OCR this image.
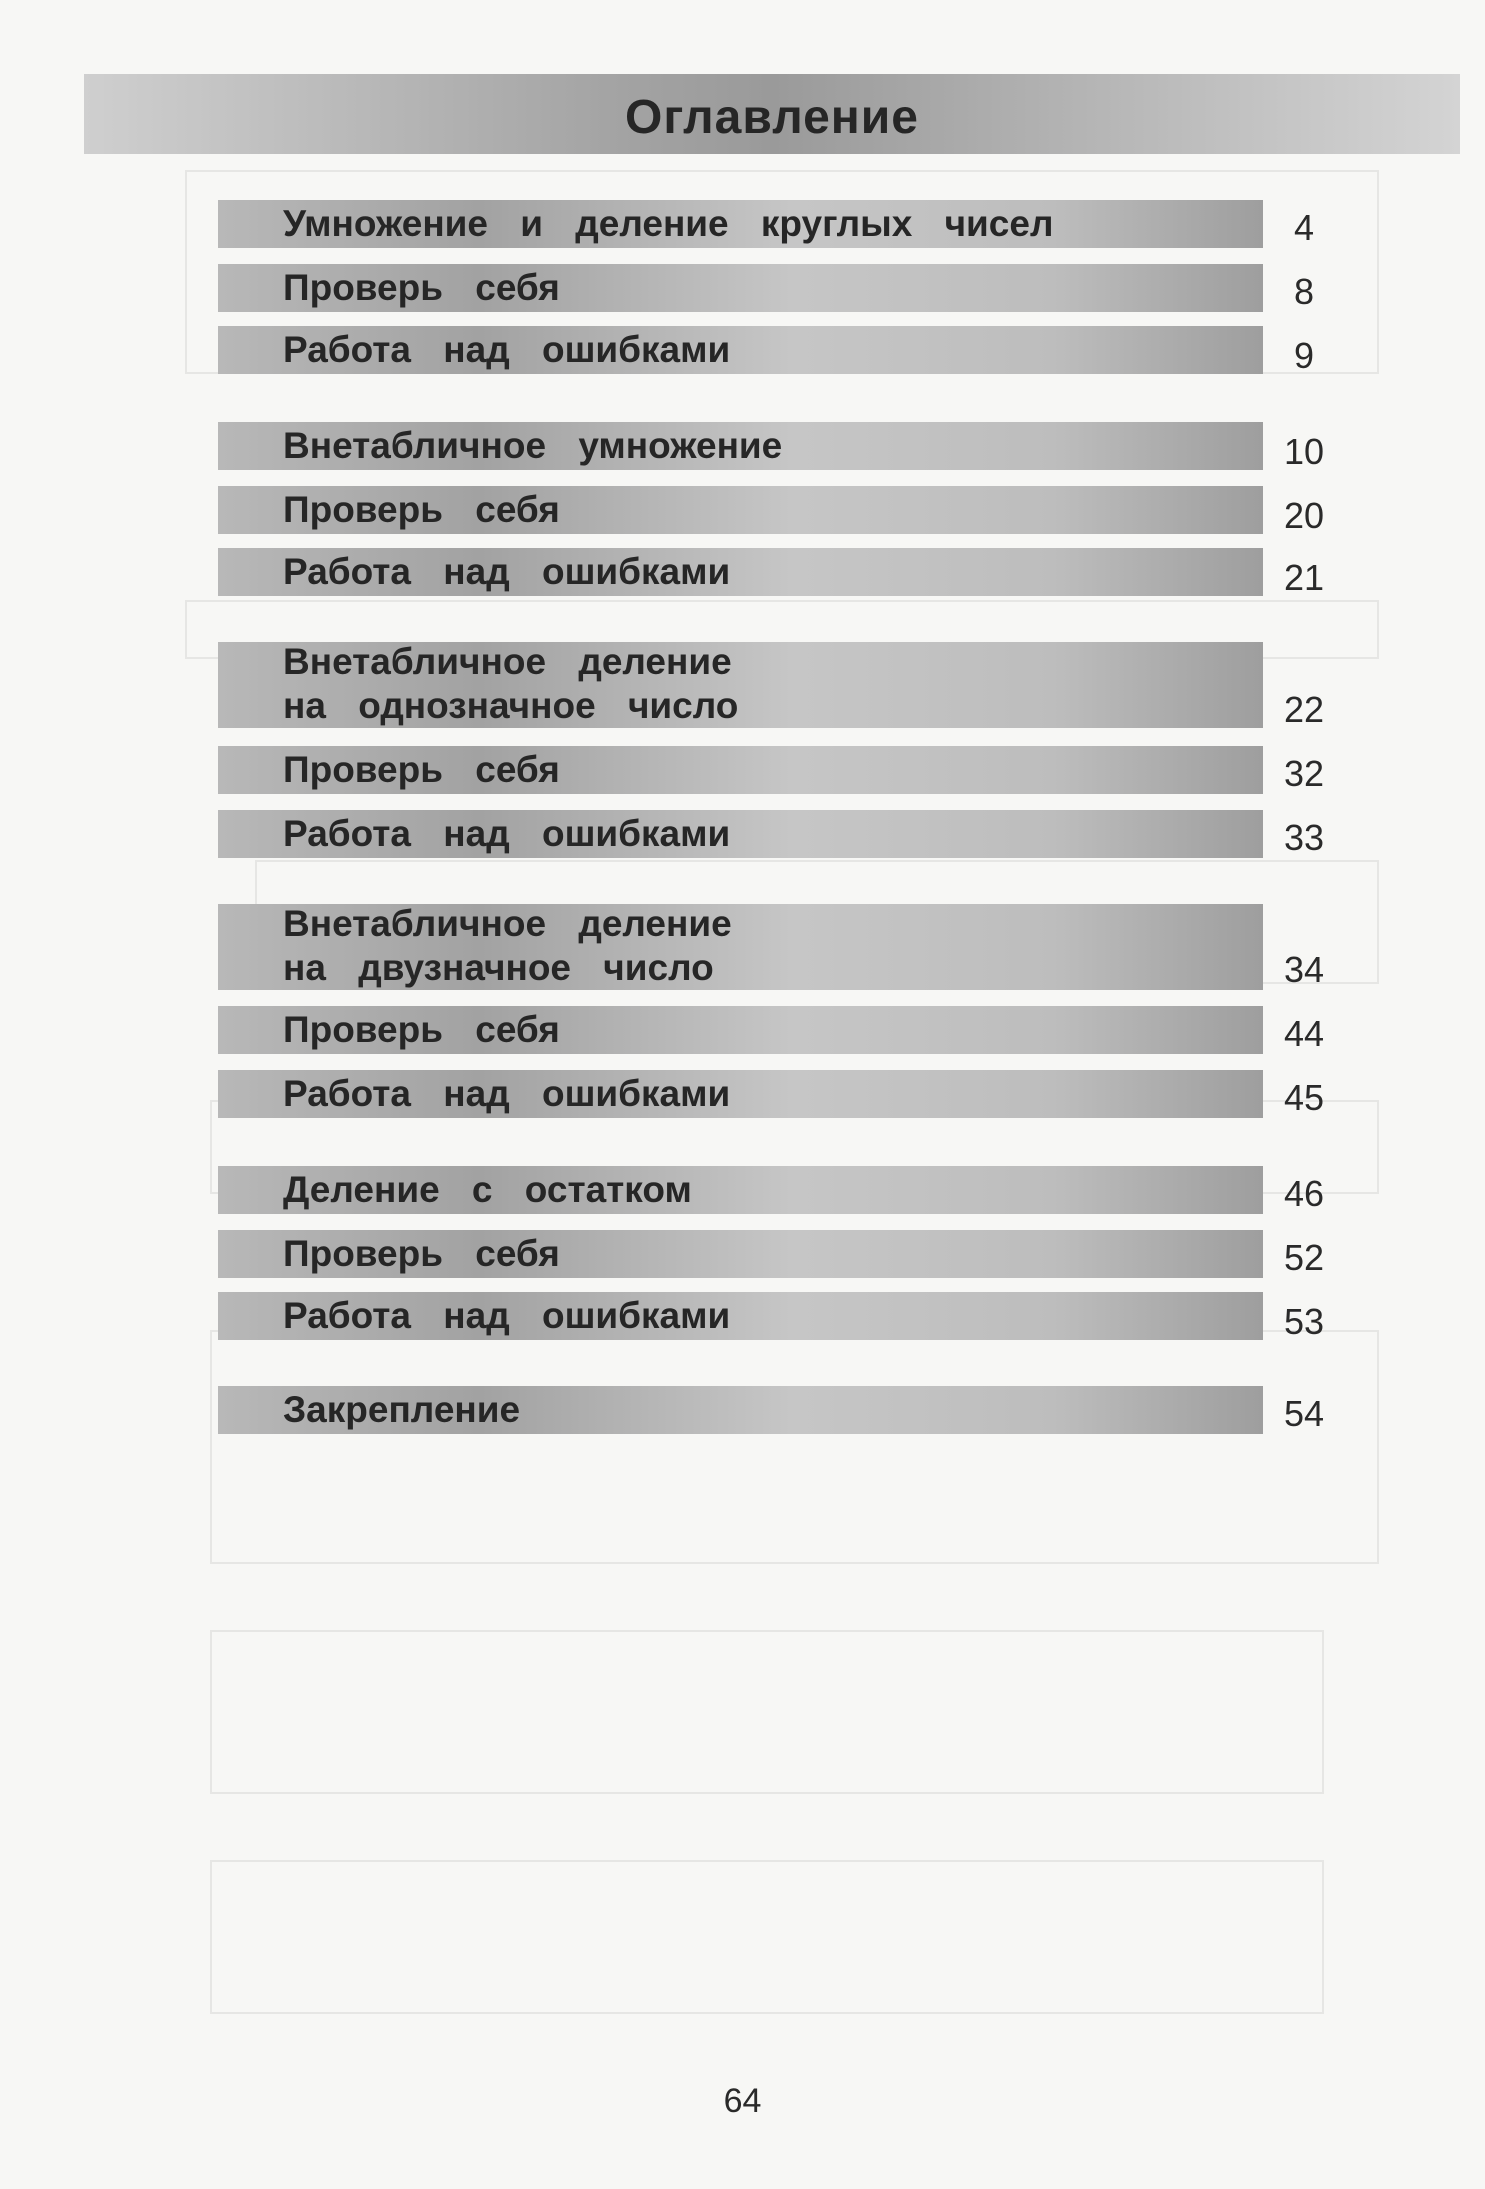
Оглавление
Умножение и деление круглых чисел	4
Проверь себя	8
Работа над ошибками	9
Внетабличное умножение	10
Проверь себя	20
Работа над ошибками	21
Внетабличное деление
на однозначное число	22
Проверь себя	32
Работа над ошибками	33
Внетабличное деление
на двузначное число	34
Проверь себя	44
Работа над ошибками	45
Деление с остатком	46
Проверь себя	52
Работа над ошибками	53
Закрепление	54
64
